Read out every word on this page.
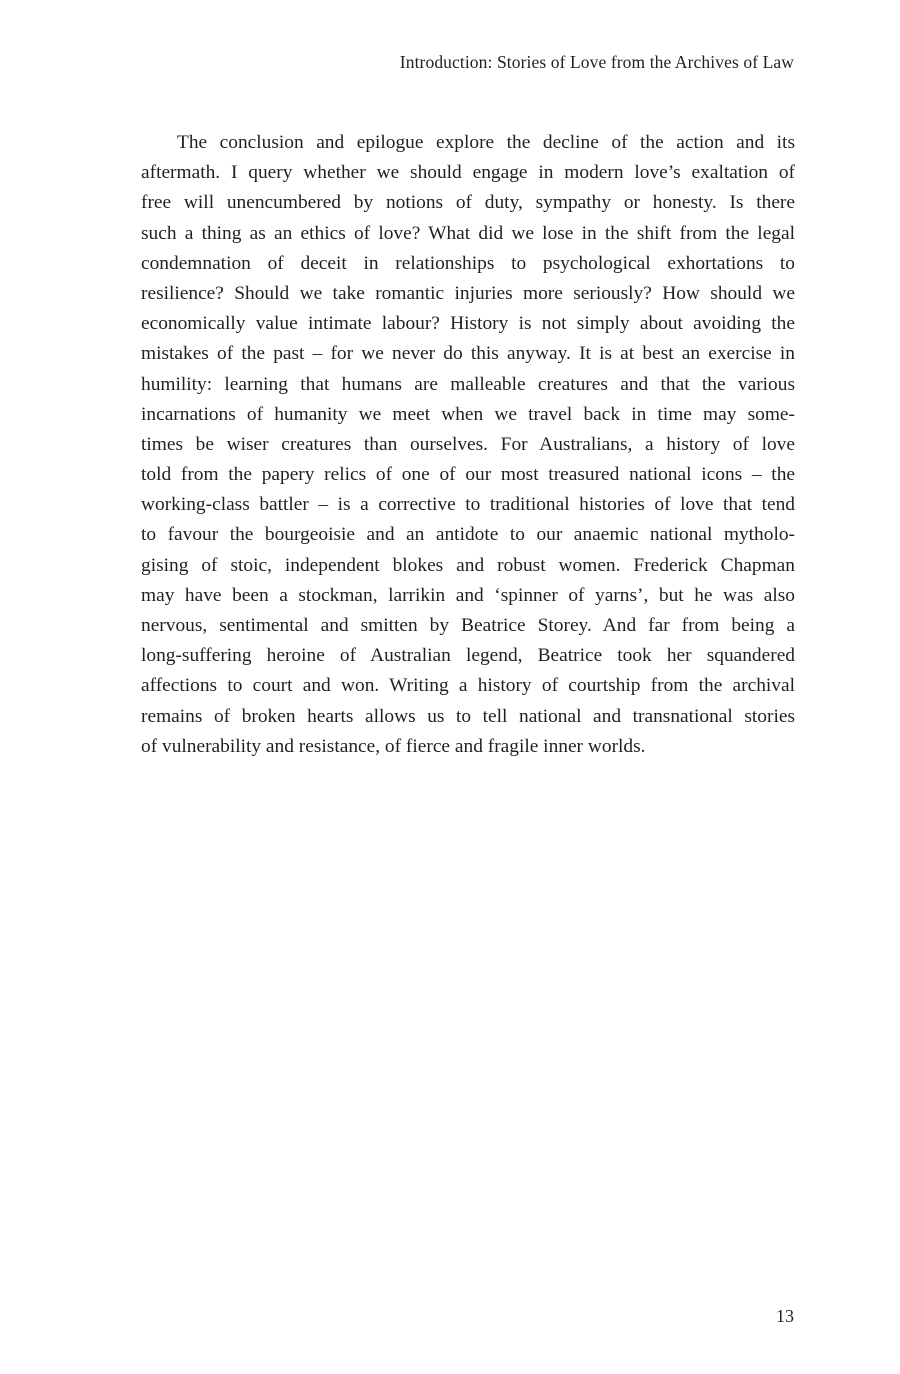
Introduction: Stories of Love from the Archives of Law
The conclusion and epilogue explore the decline of the action and its
aftermath. I query whether we should engage in modern love’s exaltation of
free will unencumbered by notions of duty, sympathy or honesty. Is there
such a thing as an ethics of love? What did we lose in the shift from the legal
condemnation of deceit in relationships to psychological exhortations to
resilience? Should we take romantic injuries more seriously? How should we
economically value intimate labour? History is not simply about avoiding the
mistakes of the past – for we never do this anyway. It is at best an exercise in
humility: learning that humans are malleable creatures and that the various
incarnations of humanity we meet when we travel back in time may some-
times be wiser creatures than ourselves. For Australians, a history of love
told from the papery relics of one of our most treasured national icons – the
working-class battler – is a corrective to traditional histories of love that tend
to favour the bourgeoisie and an antidote to our anaemic national mytholo-
gising of stoic, independent blokes and robust women. Frederick Chapman
may have been a stockman, larrikin and ‘spinner of yarns’, but he was also
nervous, sentimental and smitten by Beatrice Storey. And far from being a
long-suffering heroine of Australian legend, Beatrice took her squandered
affections to court and won. Writing a history of courtship from the archival
remains of broken hearts allows us to tell national and transnational stories
of vulnerability and resistance, of fierce and fragile inner worlds.
13
